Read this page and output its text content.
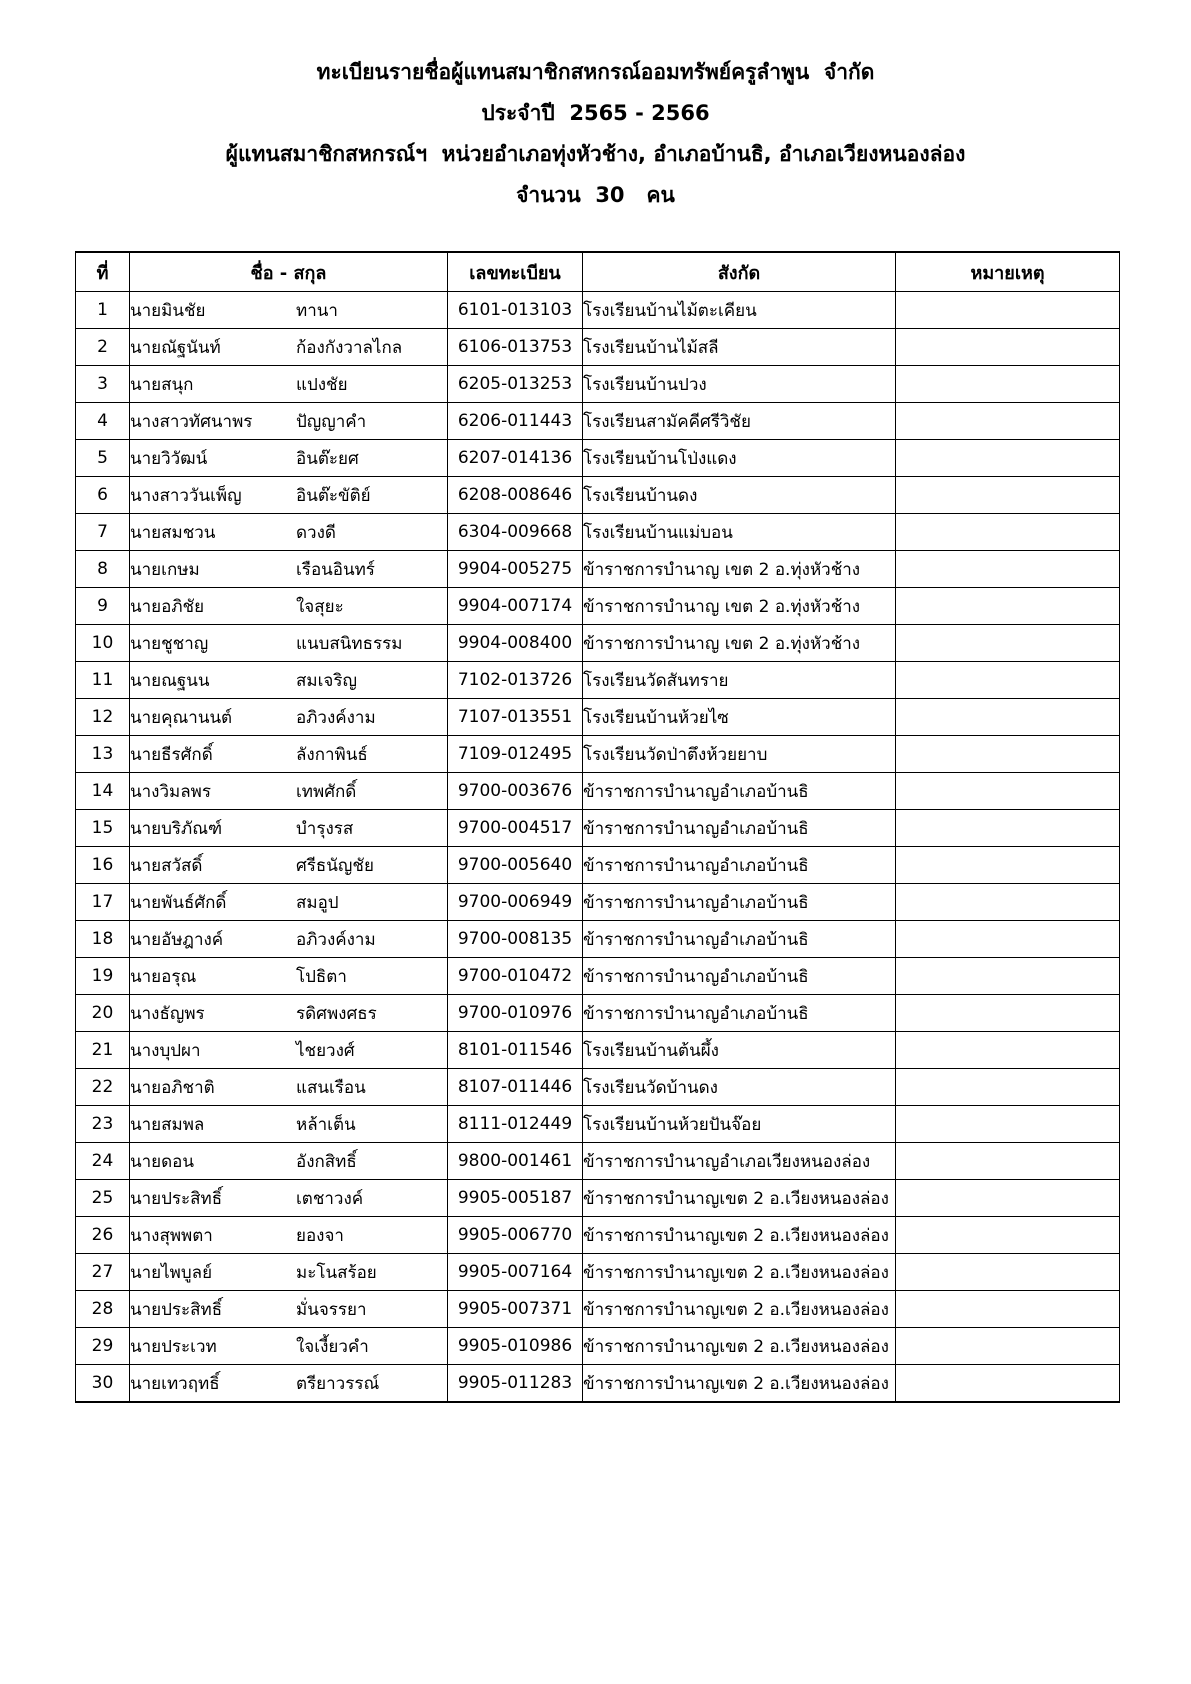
ทะเบียนรายชื่อผู้แทนสมาชิกสหกรณ์ออมทรัพย์ครูลำพูน  จำกัด
ประจำปี  2565 - 2566
ผู้แทนสมาชิกสหกรณ์ฯ  หน่วยอำเภอทุ่งหัวช้าง, อำเภอบ้านธิ, อำเภอเวียงหนองล่อง
จำนวน  30   คน
ที่	ชื่อ - สกุล	เลขทะเบียน	สังกัด	หมายเหตุ
1	นายมินชัย ทานา	6101-013103	โรงเรียนบ้านไม้ตะเคียน	
2	นายณัฐนันท์ ก้องกังวาลไกล	6106-013753	โรงเรียนบ้านไม้สลี	
3	นายสนุก แปงชัย	6205-013253	โรงเรียนบ้านปวง	
4	นางสาวทัศนาพร ปัญญาคำ	6206-011443	โรงเรียนสามัคคีศรีวิชัย	
5	นายวิวัฒน์ อินต๊ะยศ	6207-014136	โรงเรียนบ้านโป่งแดง	
6	นางสาววันเพ็ญ อินต๊ะขัติย์	6208-008646	โรงเรียนบ้านดง	
7	นายสมชวน ดวงดี	6304-009668	โรงเรียนบ้านแม่บอน	
8	นายเกษม เรือนอินทร์	9904-005275	ข้าราชการบำนาญ เขต 2 อ.ทุ่งหัวช้าง	
9	นายอภิชัย ใจสุยะ	9904-007174	ข้าราชการบำนาญ เขต 2 อ.ทุ่งหัวช้าง	
10	นายชูชาญ แนบสนิทธรรม	9904-008400	ข้าราชการบำนาญ เขต 2 อ.ทุ่งหัวช้าง	
11	นายณฐนน สมเจริญ	7102-013726	โรงเรียนวัดสันทราย	
12	นายคุณานนต์ อภิวงค์งาม	7107-013551	โรงเรียนบ้านห้วยไซ	
13	นายธีรศักดิ์ ลังกาพินธ์	7109-012495	โรงเรียนวัดป่าตึงห้วยยาบ	
14	นางวิมลพร เทพศักดิ์	9700-003676	ข้าราชการบำนาญอำเภอบ้านธิ	
15	นายบริภัณฑ์ บำรุงรส	9700-004517	ข้าราชการบำนาญอำเภอบ้านธิ	
16	นายสวัสดิ์ ศรีธนัญชัย	9700-005640	ข้าราชการบำนาญอำเภอบ้านธิ	
17	นายพันธ์ศักดิ์ สมอูป	9700-006949	ข้าราชการบำนาญอำเภอบ้านธิ	
18	นายอัษฎางค์ อภิวงค์งาม	9700-008135	ข้าราชการบำนาญอำเภอบ้านธิ	
19	นายอรุณ โปธิตา	9700-010472	ข้าราชการบำนาญอำเภอบ้านธิ	
20	นางธัญพร รดิศพงศธร	9700-010976	ข้าราชการบำนาญอำเภอบ้านธิ	
21	นางบุปผา ไชยวงศ์	8101-011546	โรงเรียนบ้านต้นผึ้ง	
22	นายอภิชาติ แสนเรือน	8107-011446	โรงเรียนวัดบ้านดง	
23	นายสมพล หล้าเต็น	8111-012449	โรงเรียนบ้านห้วยปันจ๊อย	
24	นายดอน อังกสิทธิ์	9800-001461	ข้าราชการบำนาญอำเภอเวียงหนองล่อง	
25	นายประสิทธิ์ เตชาวงค์	9905-005187	ข้าราชการบำนาญเขต 2 อ.เวียงหนองล่อง	
26	นางสุพพตา ยองจา	9905-006770	ข้าราชการบำนาญเขต 2 อ.เวียงหนองล่อง	
27	นายไพบูลย์ มะโนสร้อย	9905-007164	ข้าราชการบำนาญเขต 2 อ.เวียงหนองล่อง	
28	นายประสิทธิ์ มั่นจรรยา	9905-007371	ข้าราชการบำนาญเขต 2 อ.เวียงหนองล่อง	
29	นายประเวท ใจเงี้ยวคำ	9905-010986	ข้าราชการบำนาญเขต 2 อ.เวียงหนองล่อง	
30	นายเทวฤทธิ์ ตรียาวรรณ์	9905-011283	ข้าราชการบำนาญเขต 2 อ.เวียงหนองล่อง	
